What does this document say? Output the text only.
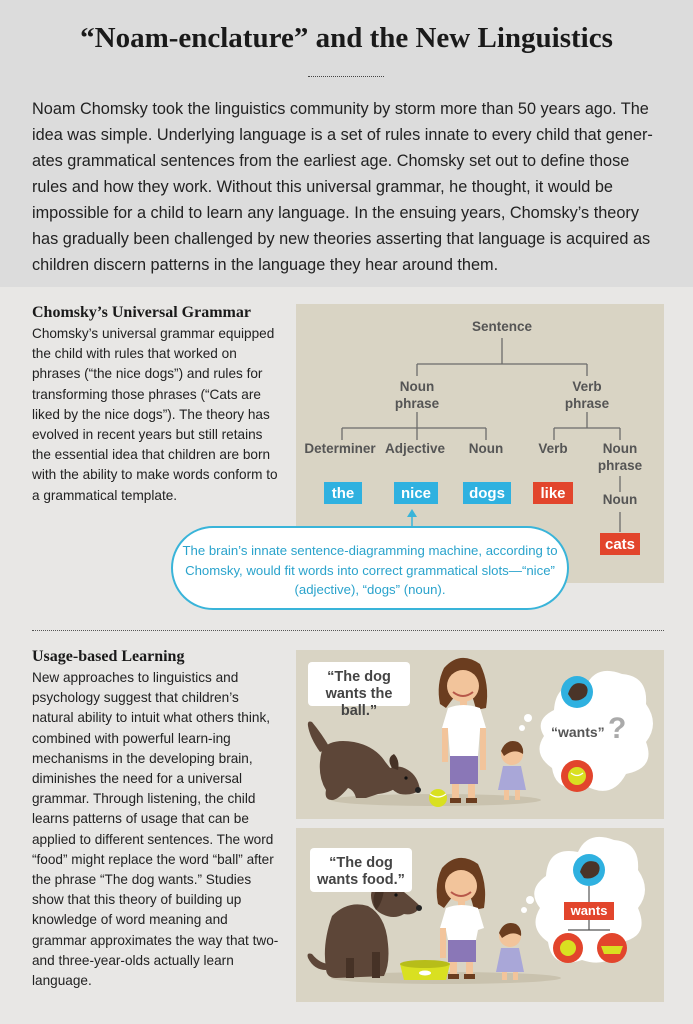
“Noam-enclature” and the New Linguistics
Noam Chomsky took the linguistics community by storm more than 50 years ago. The idea was simple. Underlying language is a set of rules innate to every child that gener-ates grammatical sentences from the earliest age. Chomsky set out to define those rules and how they work. Without this universal grammar, he thought, it would be impossible for a child to learn any language. In the ensuing years, Chomsky’s theory has gradually been challenged by new theories asserting that language is acquired as children discern patterns in the language they hear around them.
Chomsky’s Universal Grammar
Chomsky’s universal grammar equipped the child with rules that worked on phrases (“the nice dogs”) and rules for transforming those phrases (“Cats are liked by the nice dogs”). The theory has evolved in recent years but still retains the essential idea that children are born with the ability to make words conform to a grammatical template.
Sentence
Noun
phrase
Verb
phrase
Determiner Adjective Noun	Verb	Noun
phrase
Noun
the	nice	dogs like
cats
The brain’s innate sentence-diagramming machine, according to Chomsky, would fit words into correct grammatical slots—“nice” (adjective), “dogs” (noun).
Usage-based Learning
New approaches to linguistics and psychology suggest that children’s natural ability to intuit what others think, combined with powerful learn-ing mechanisms in the developing brain, diminishes the need for a universal grammar. Through listening, the child learns patterns of usage that can be applied to different sentences. The word “food” might replace the word “ball” after the phrase “The dog wants.” Studies show that this theory of building up knowledge of word meaning and grammar approximates the way that two- and three-year-olds actually learn language.
“The dog wants the ball.”
“wants” ?
“The dog wants food.”
wants
